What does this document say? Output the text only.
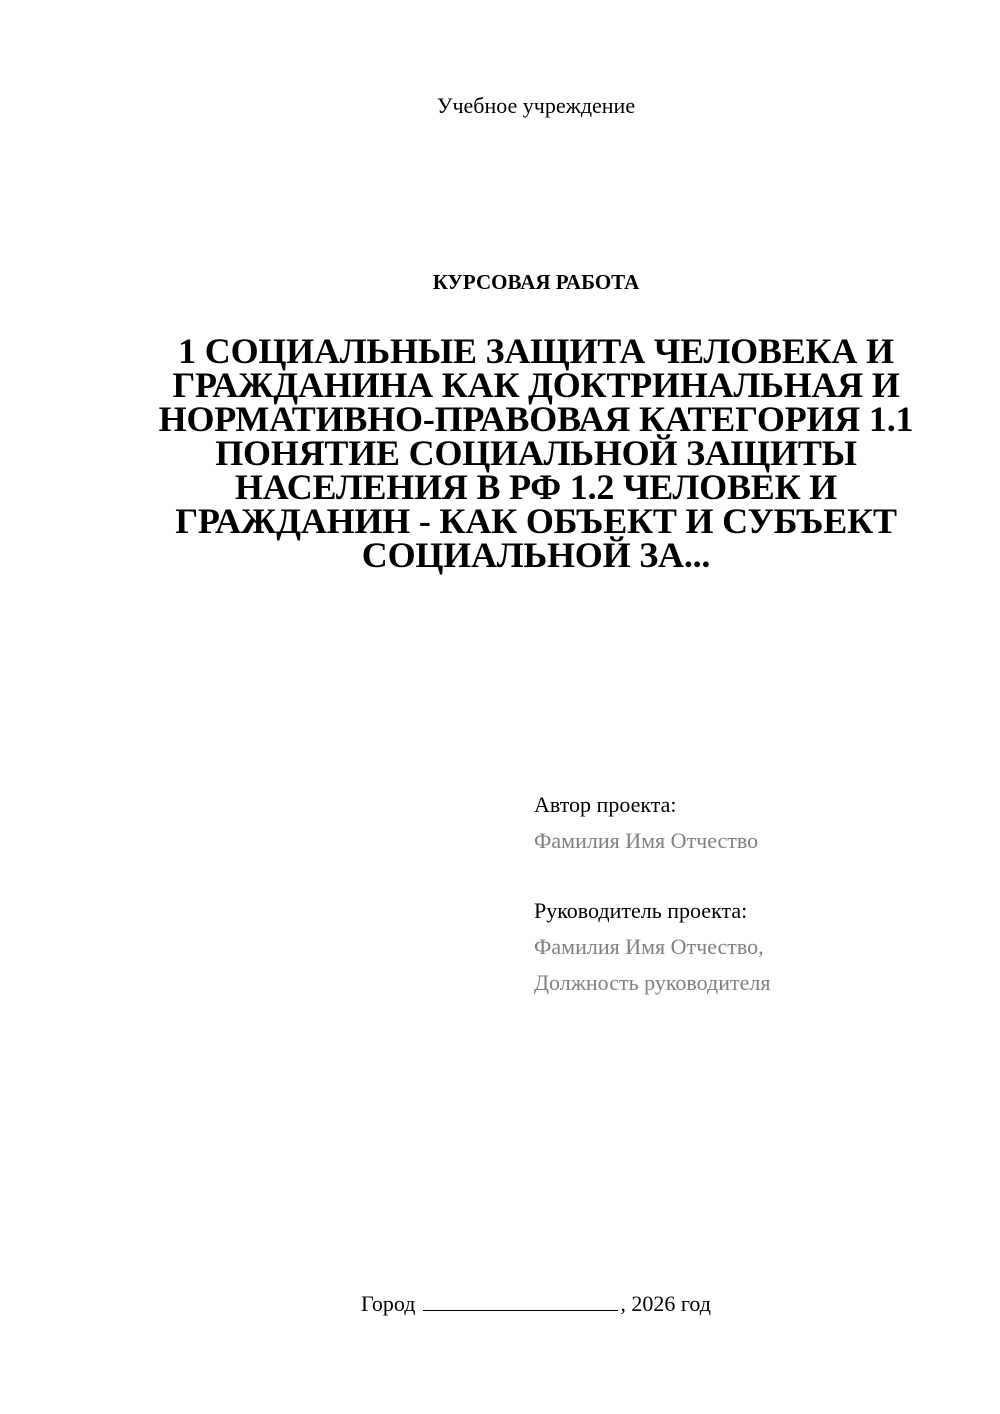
Учебное учреждение
КУРСОВАЯ РАБОТА
1 СОЦИАЛЬНЫЕ ЗАЩИТА ЧЕЛОВЕКА И ГРАЖДАНИНА КАК ДОКТРИНАЛЬНАЯ И НОРМАТИВНО-ПРАВОВАЯ КАТЕГОРИЯ 1.1 ПОНЯТИЕ СОЦИАЛЬНОЙ ЗАЩИТЫ НАСЕЛЕНИЯ В РФ 1.2 ЧЕЛОВЕК И ГРАЖДАНИН - КАК ОБЪЕКТ И СУБЪЕКТ СОЦИАЛЬНОЙ ЗА...
Автор проекта:
Фамилия Имя Отчество
Руководитель проекта:
Фамилия Имя Отчество,
Должность руководителя
Город	, 2026 год
